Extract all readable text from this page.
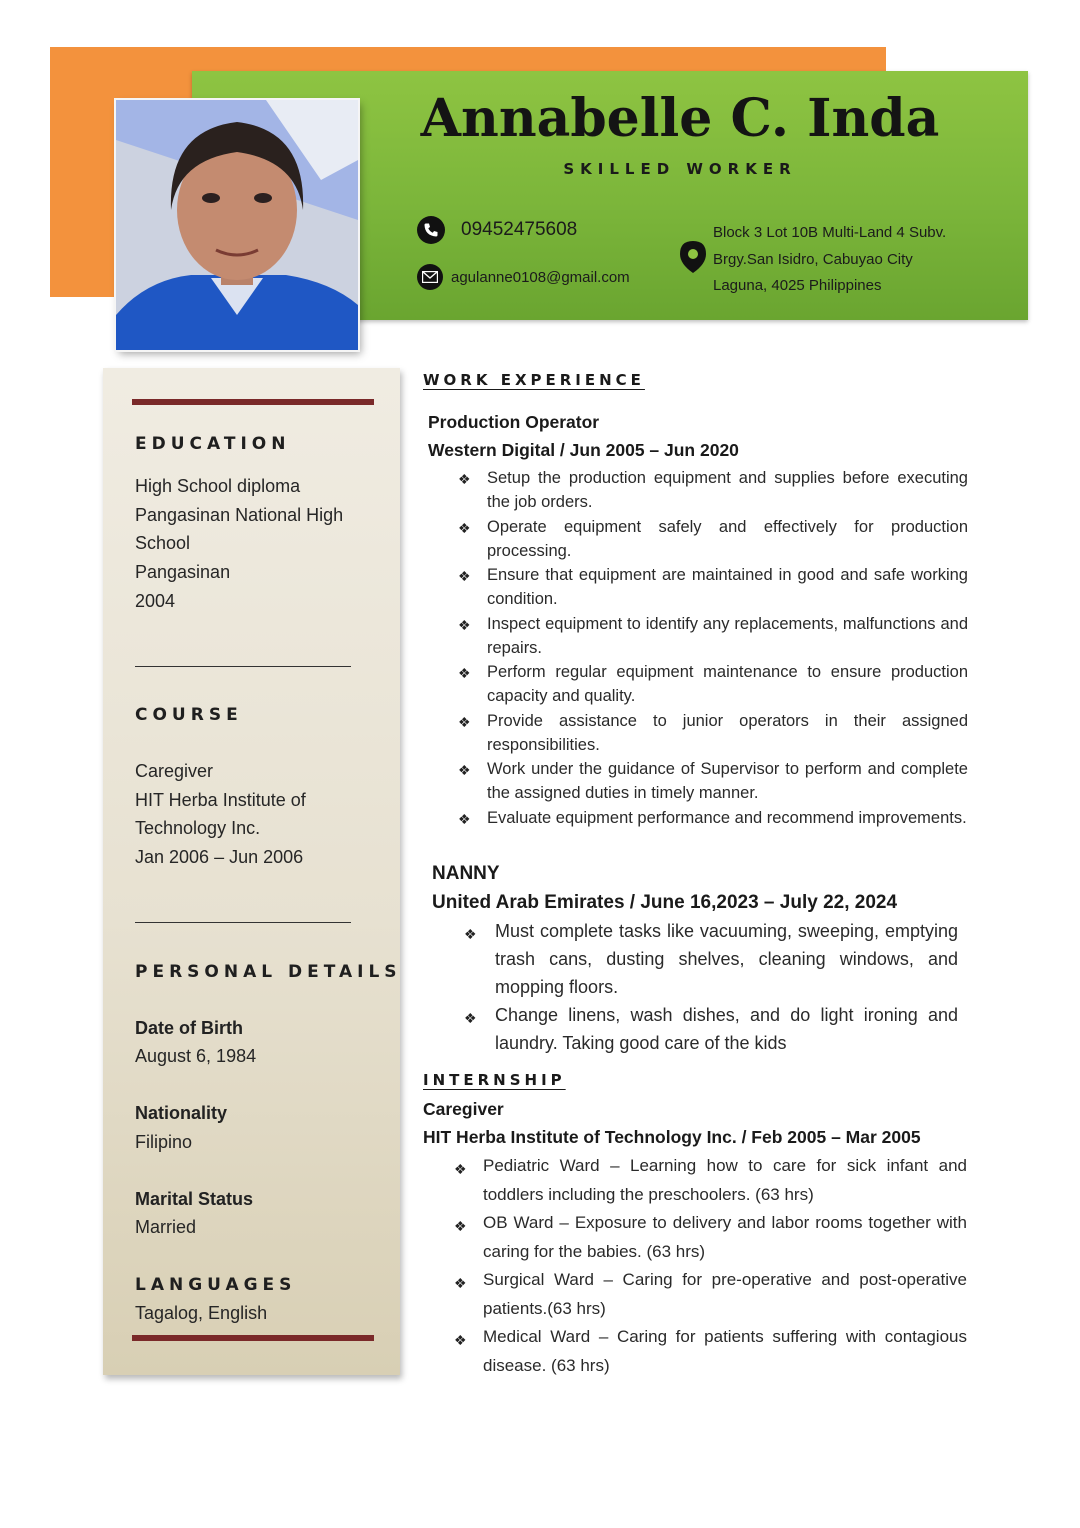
Annabelle C. Inda
SKILLED WORKER
09452475608
agulanne0108@gmail.com
Block 3 Lot 10B Multi-Land 4 Subv.
Brgy.San Isidro, Cabuyao City
Laguna, 4025 Philippines
EDUCATION
High School diploma
Pangasinan National High
School
Pangasinan
2004
COURSE
Caregiver
HIT Herba Institute of
Technology Inc.
Jan 2006 – Jun 2006
PERSONAL DETAILS
Date of Birth
August 6, 1984
Nationality
Filipino
Marital Status
Married
LANGUAGES
Tagalog, English
WORK EXPERIENCE
Production Operator
Western Digital / Jun 2005 – Jun 2020
❖ Setup the production equipment and supplies before executing the job orders.
❖ Operate equipment safely and effectively for production processing.
❖ Ensure that equipment are maintained in good and safe working condition.
❖ Inspect equipment to identify any replacements, malfunctions and repairs.
❖ Perform regular equipment maintenance to ensure production capacity and quality.
❖ Provide assistance to junior operators in their assigned responsibilities.
❖ Work under the guidance of Supervisor to perform and complete the assigned duties in timely manner.
❖ Evaluate equipment performance and recommend improvements.
NANNY
United Arab Emirates / June 16,2023 – July 22, 2024
❖ Must complete tasks like vacuuming, sweeping, emptying trash cans, dusting shelves, cleaning windows, and mopping floors.
❖ Change linens, wash dishes, and do light ironing and laundry. Taking good care of the kids
INTERNSHIP
Caregiver
HIT Herba Institute of Technology Inc. / Feb 2005 – Mar 2005
❖ Pediatric Ward – Learning how to care for sick infant and toddlers including the preschoolers. (63 hrs)
❖ OB Ward – Exposure to delivery and labor rooms together with caring for the babies. (63 hrs)
❖ Surgical Ward – Caring for pre-operative and post-operative patients.(63 hrs)
❖ Medical Ward – Caring for patients suffering with contagious disease. (63 hrs)
